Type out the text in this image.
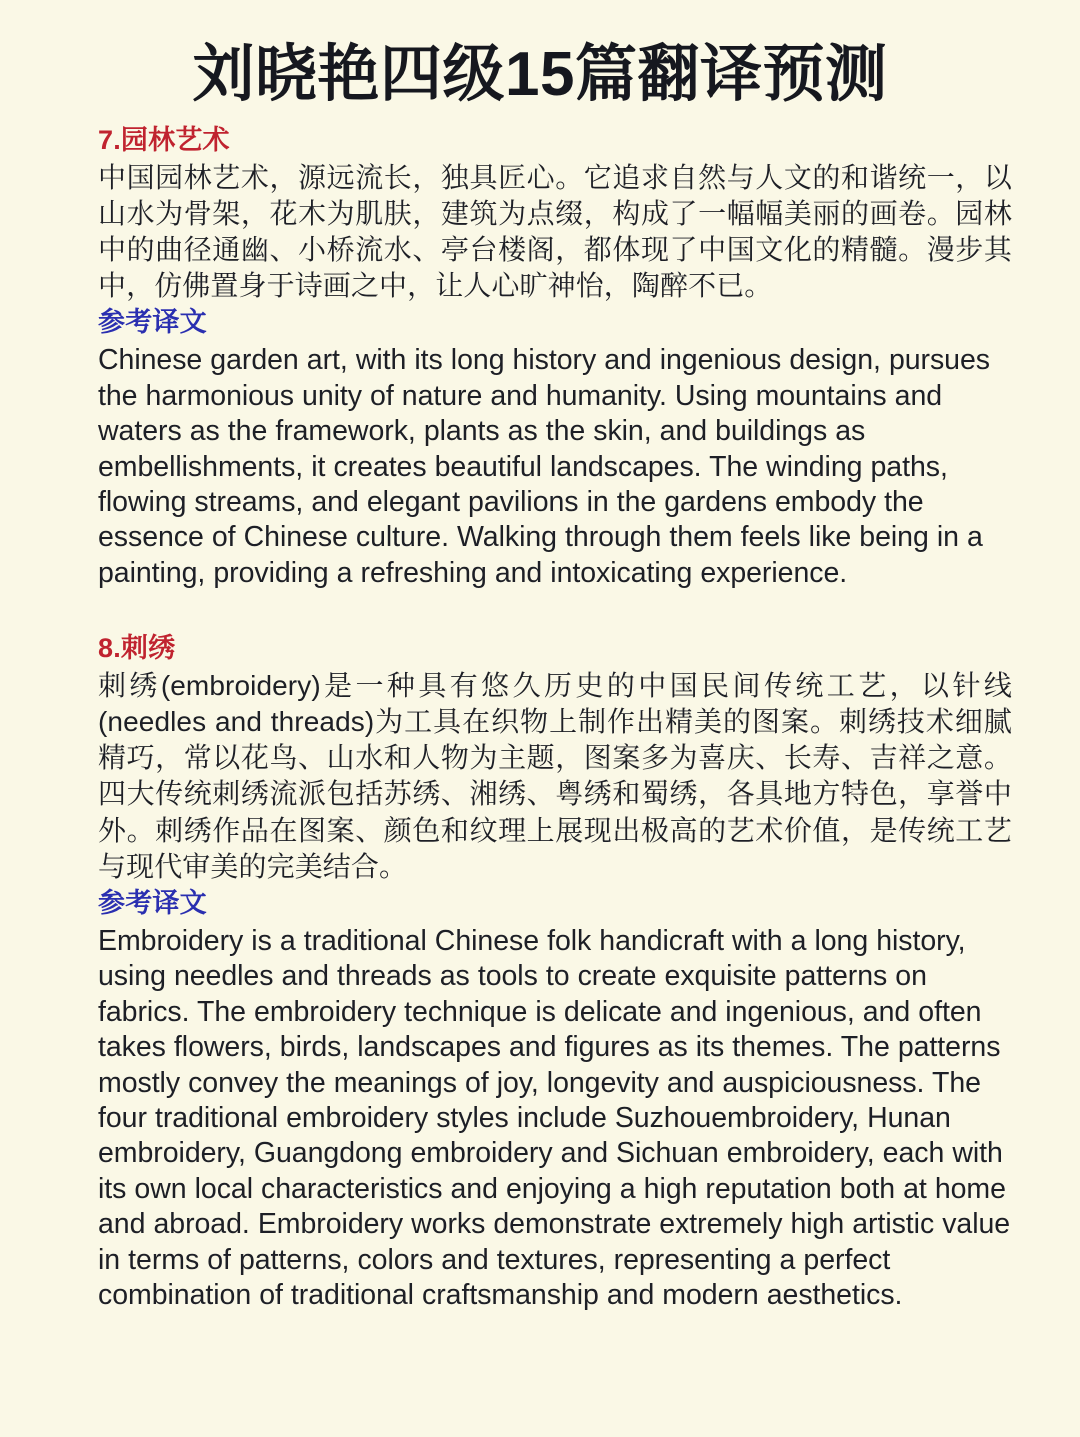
刘晓艳四级15篇翻译预测
7.园林艺术

中国园林艺术，源远流长，独具匠心。它追求自然与人文的和谐统一，以山水为骨架，花木为肌肤，建筑为点缀，构成了一幅幅美丽的画卷。园林中的曲径通幽、小桥流水、亭台楼阁，都体现了中国文化的精髓。漫步其中，仿佛置身于诗画之中，让人心旷神怡，陶醉不已。

参考译文

Chinese garden art, with its long history and ingenious design, pursues the harmonious unity of nature and humanity. Using mountains and waters as the framework, plants as the skin, and buildings as embellishments, it creates beautiful landscapes. The winding paths, flowing streams, and elegant pavilions in the gardens embody the essence of Chinese culture. Walking through them feels like being in a painting, providing a refreshing and intoxicating experience.

8.刺绣

刺绣(embroidery)是一种具有悠久历史的中国民间传统工艺，以针线(needles and threads)为工具在织物上制作出精美的图案。刺绣技术细腻精巧，常以花鸟、山水和人物为主题，图案多为喜庆、长寿、吉祥之意。四大传统刺绣流派包括苏绣、湘绣、粤绣和蜀绣，各具地方特色，享誉中外。刺绣作品在图案、颜色和纹理上展现出极高的艺术价值，是传统工艺与现代审美的完美结合。

参考译文

Embroidery is a traditional Chinese folk handicraft with a long history, using needles and threads as tools to create exquisite patterns on fabrics. The embroidery technique is delicate and ingenious, and often takes flowers, birds, landscapes and figures as its themes. The patterns mostly convey the meanings of joy, longevity and auspiciousness. The four traditional embroidery styles include Suzhouembroidery, Hunan embroidery, Guangdong embroidery and Sichuan embroidery, each with its own local characteristics and enjoying a high reputation both at home and abroad. Embroidery works demonstrate extremely high artistic value in terms of patterns, colors and textures, representing a perfect combination of traditional craftsmanship and modern aesthetics.
